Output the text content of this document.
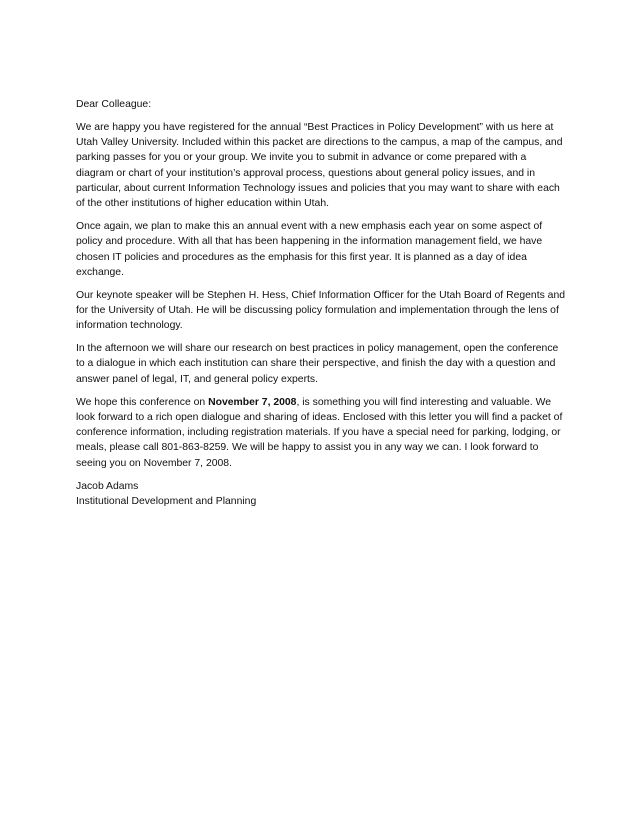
Dear Colleague:

We are happy you have registered for the annual “Best Practices in Policy Development” with us here at Utah Valley University. Included within this packet are directions to the campus, a map of the campus, and parking passes for you or your group. We invite you to submit in advance or come prepared with a diagram or chart of your institution’s approval process, questions about general policy issues, and in particular, about current Information Technology issues and policies that you may want to share with each of the other institutions of higher education within Utah.

Once again, we plan to make this an annual event with a new emphasis each year on some aspect of policy and procedure. With all that has been happening in the information management field, we have chosen IT policies and procedures as the emphasis for this first year. It is planned as a day of idea exchange.

Our keynote speaker will be Stephen H. Hess, Chief Information Officer for the Utah Board of Regents and for the University of Utah. He will be discussing policy formulation and implementation through the lens of information technology.

In the afternoon we will share our research on best practices in policy management, open the conference to a dialogue in which each institution can share their perspective, and finish the day with a question and answer panel of legal, IT, and general policy experts.

We hope this conference on November 7, 2008, is something you will find interesting and valuable. We look forward to a rich open dialogue and sharing of ideas. Enclosed with this letter you will find a packet of conference information, including registration materials. If you have a special need for parking, lodging, or meals, please call 801-863-8259. We will be happy to assist you in any way we can. I look forward to seeing you on November 7, 2008.

Jacob Adams
Institutional Development and Planning
